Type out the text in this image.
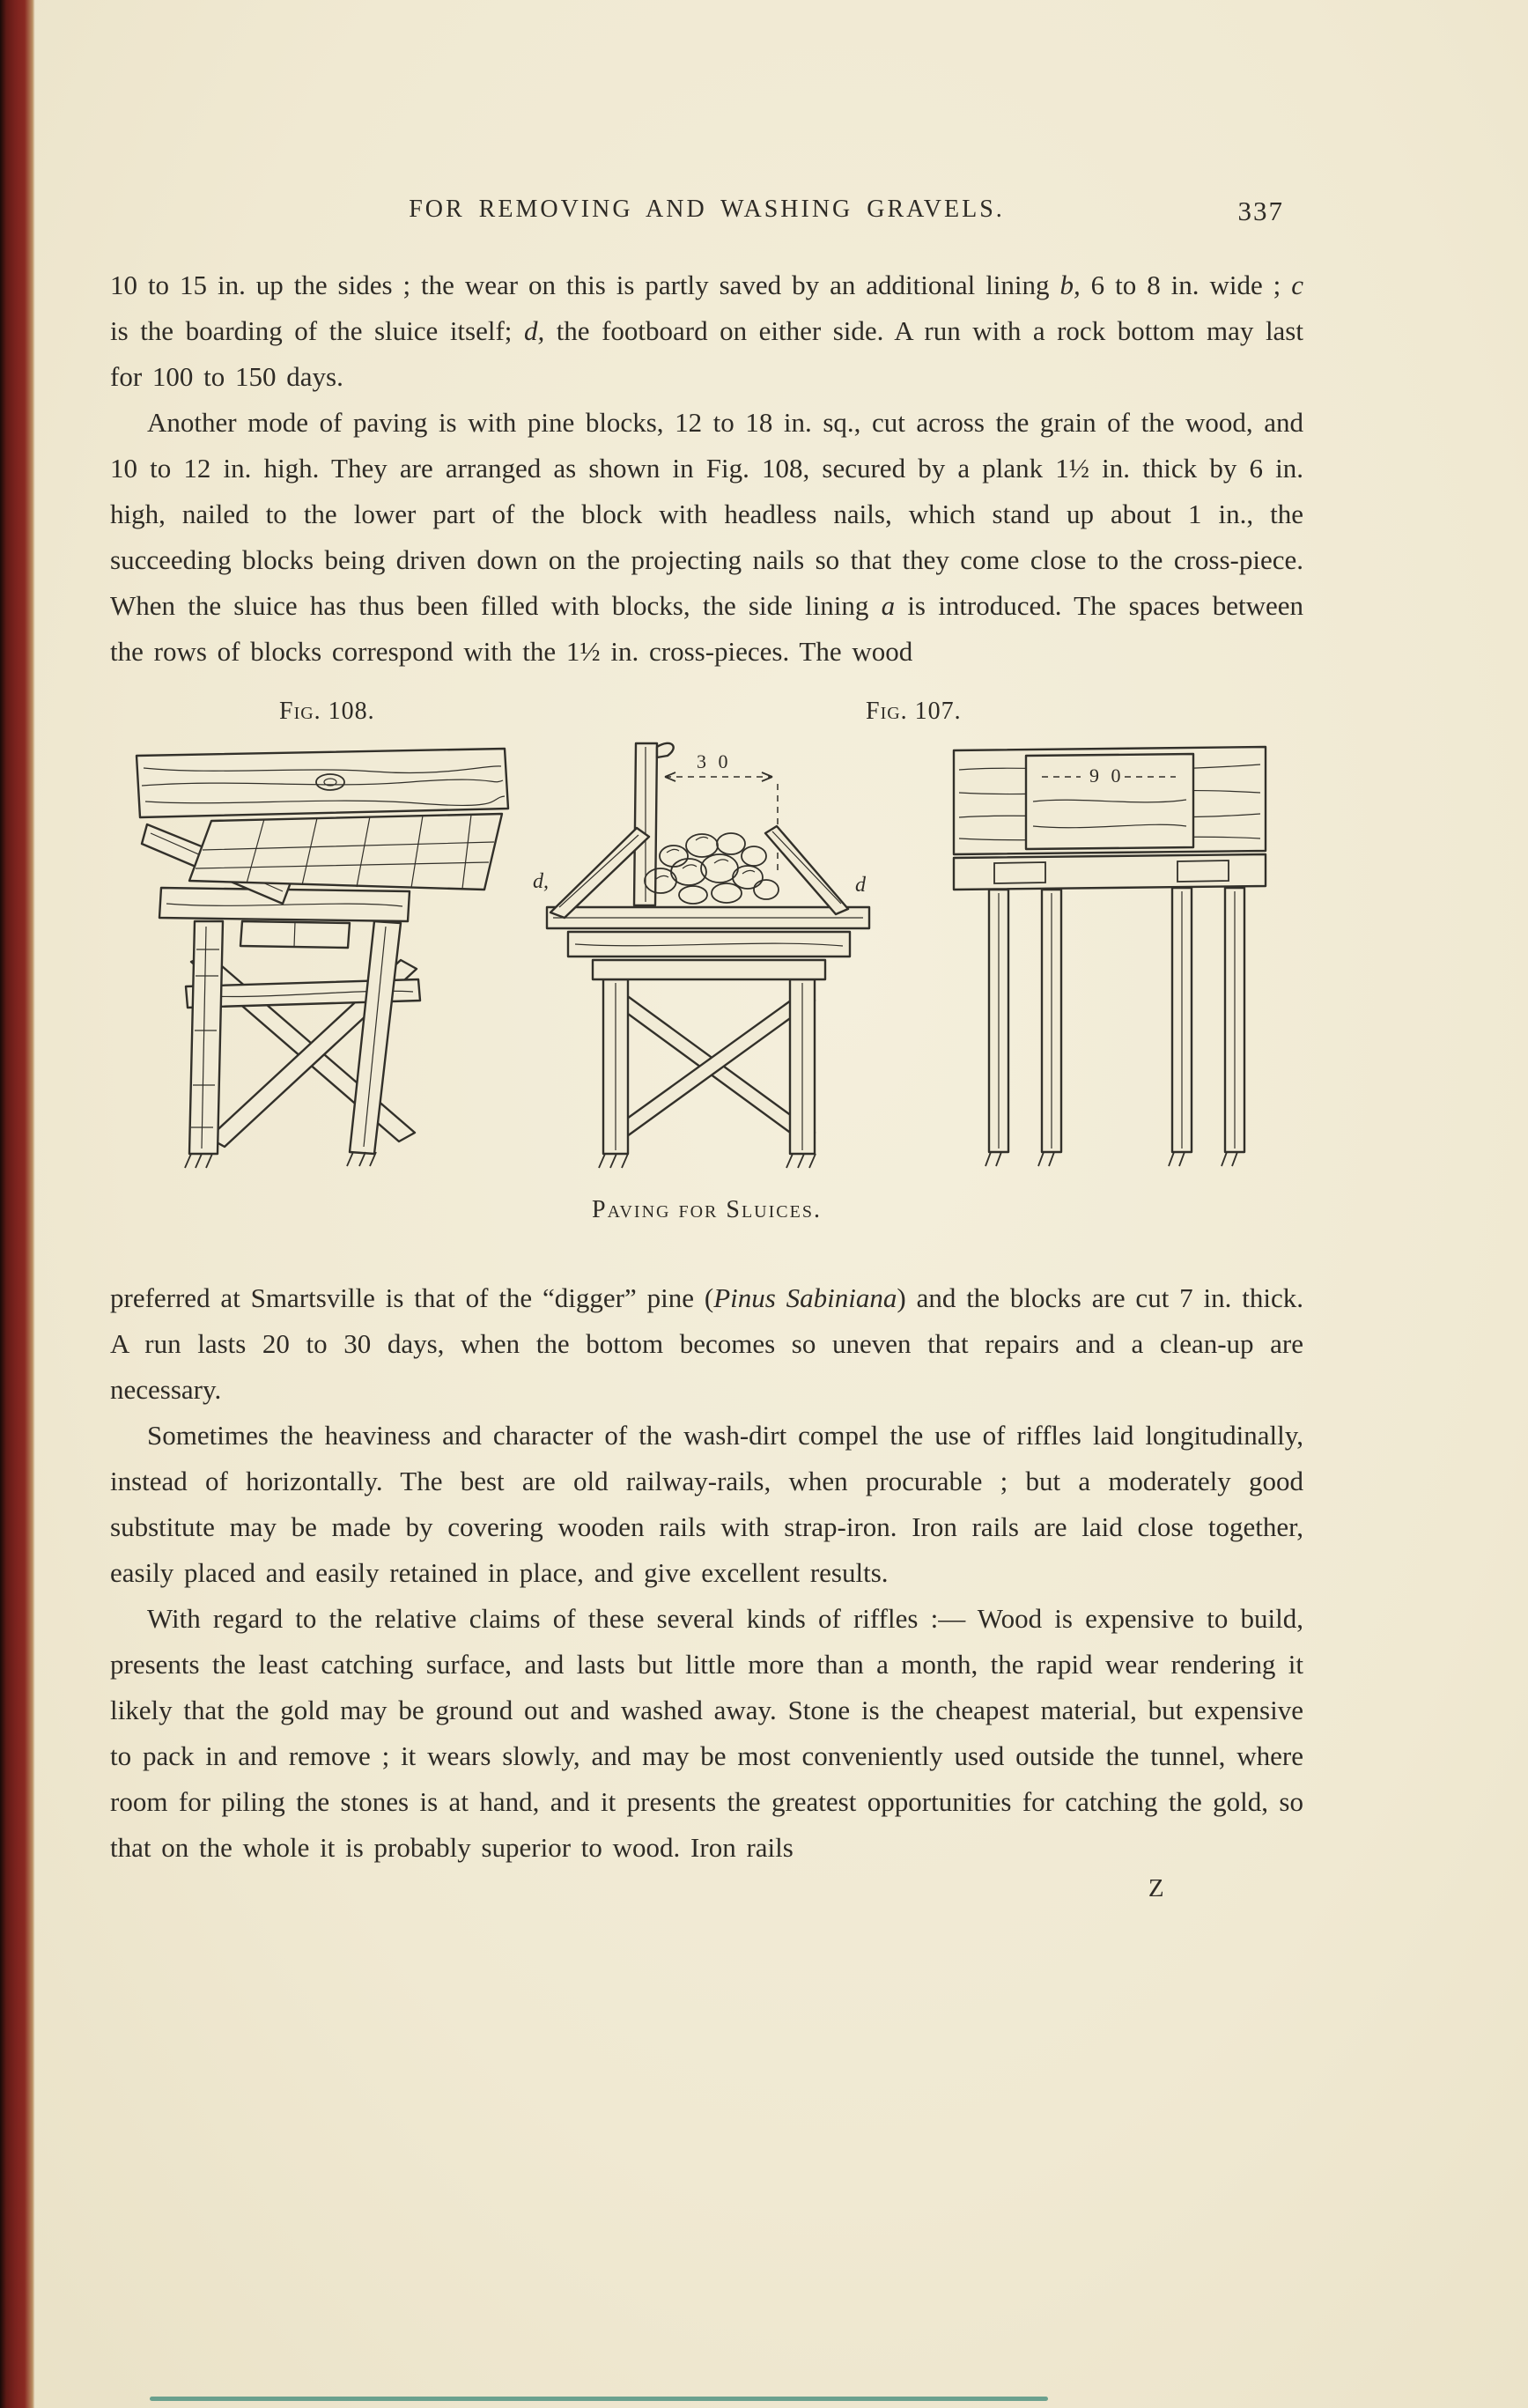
FOR REMOVING AND WASHING GRAVELS.	337

10 to 15 in. up the sides ; the wear on this is partly saved by an additional lining b, 6 to 8 in. wide ; c is the boarding of the sluice itself; d, the footboard on either side. A run with a rock bottom may last for 100 to 150 days.

Another mode of paving is with pine blocks, 12 to 18 in. sq., cut across the grain of the wood, and 10 to 12 in. high. They are arranged as shown in Fig. 108, secured by a plank 1½ in. thick by 6 in. high, nailed to the lower part of the block with headless nails, which stand up about 1 in., the succeeding blocks being driven down on the projecting nails so that they come close to the cross-piece. When the sluice has thus been filled with blocks, the side lining a is introduced. The spaces between the rows of blocks correspond with the 1½ in. cross-pieces. The wood

Fig. 108.	Fig. 107.
3 0
d,	d
9 0
Paving for Sluices.

preferred at Smartsville is that of the “digger” pine (Pinus Sabiniana) and the blocks are cut 7 in. thick. A run lasts 20 to 30 days, when the bottom becomes so uneven that repairs and a clean-up are necessary.

Sometimes the heaviness and character of the wash-dirt compel the use of riffles laid longitudinally, instead of horizontally. The best are old railway-rails, when procurable ; but a moderately good substitute may be made by covering wooden rails with strap-iron. Iron rails are laid close together, easily placed and easily retained in place, and give excellent results.

With regard to the relative claims of these several kinds of riffles :— Wood is expensive to build, presents the least catching surface, and lasts but little more than a month, the rapid wear rendering it likely that the gold may be ground out and washed away. Stone is the cheapest material, but expensive to pack in and remove ; it wears slowly, and may be most conveniently used outside the tunnel, where room for piling the stones is at hand, and it presents the greatest opportunities for catching the gold, so that on the whole it is probably superior to wood. Iron rails

Z
